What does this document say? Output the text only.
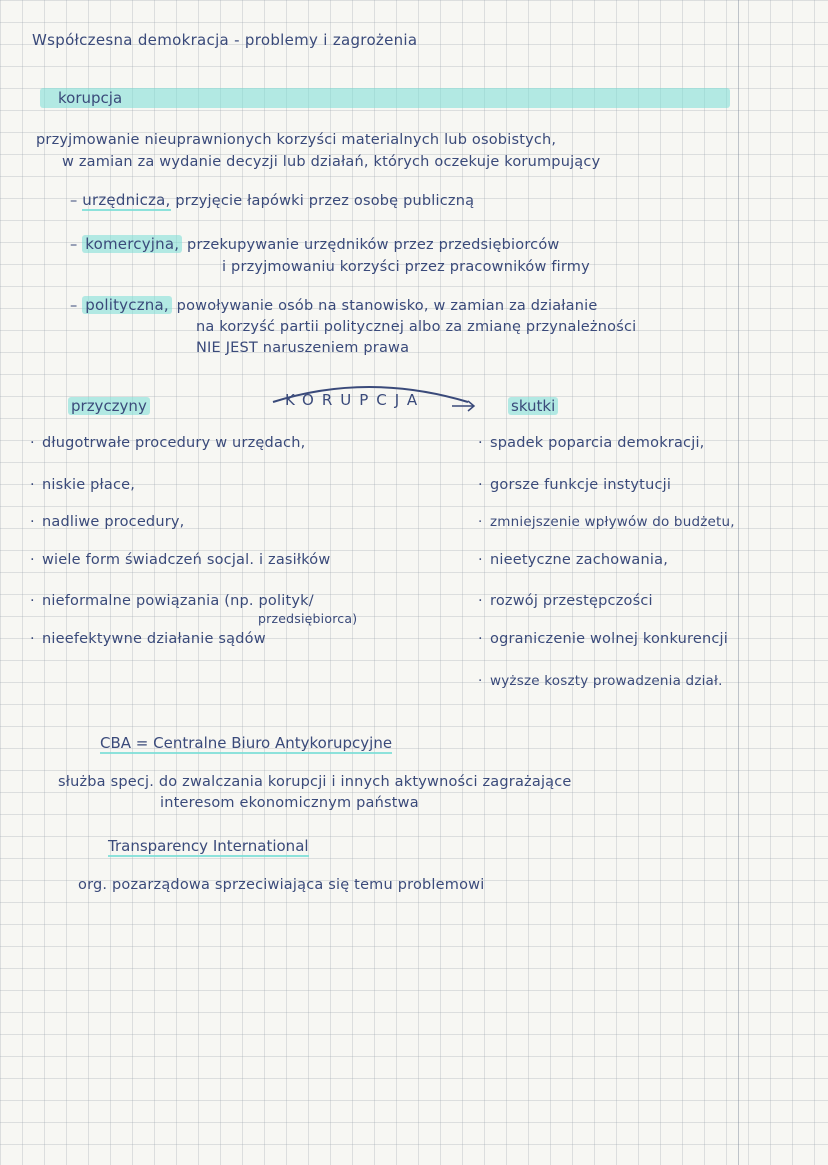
Współczesna demokracja - problemy i zagrożenia
korupcja
przyjmowanie nieuprawnionych korzyści materialnych lub osobistych,
w zamian za wydanie decyzji lub działań, których oczekuje korumpujący
– urzędnicza, przyjęcie łapówki przez osobę publiczną
– komercyjna, przekupywanie urzędników przez przedsiębiorców
i przyjmowaniu korzyści przez pracowników firmy
– polityczna, powoływanie osób na stanowisko, w zamian za działanie
na korzyść partii politycznej albo za zmianę przynależności
NIE JEST naruszeniem prawa
KORUPCJA
przyczyny	skutki
· długotrwałe procedury w urzędach,
· niskie płace,
· nadliwe procedury,
· wiele form świadczeń socjal. i zasiłków
· nieformalne powiązania (np. polityk/
przedsiębiorca)
· nieefektywne działanie sądów
· spadek poparcia demokracji,
· gorsze funkcje instytucji
· zmniejszenie wpływów do budżetu,
· nieetyczne zachowania,
· rozwój przestępczości
· ograniczenie wolnej konkurencji
· wyższe koszty prowadzenia dział.
CBA = Centralne Biuro Antykorupcyjne
służba specj. do zwalczania korupcji i innych aktywności zagrażające
interesom ekonomicznym państwa
Transparency International
org. pozarządowa sprzeciwiająca się temu problemowi
